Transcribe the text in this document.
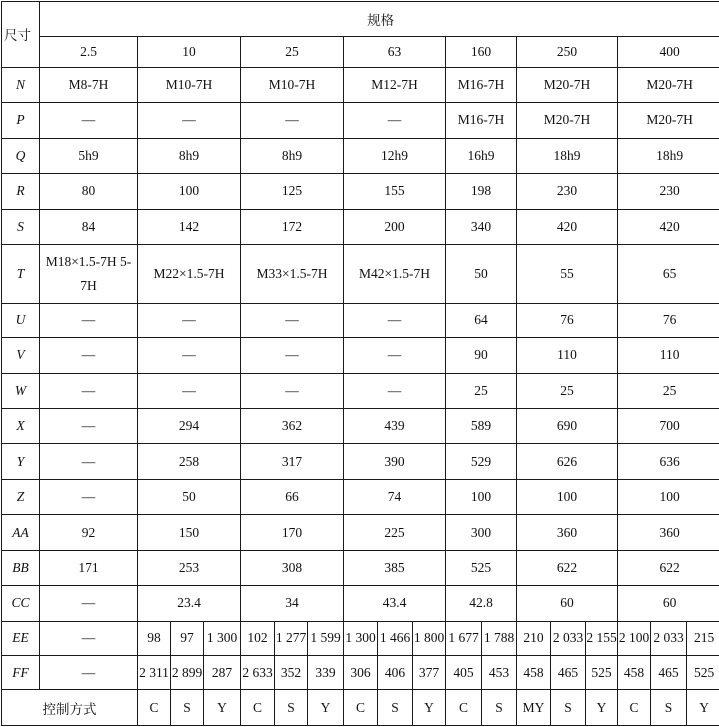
尺寸	规格																	
	2.5	10			25			63			160		250			400		
N	M8-7H	M10-7H			M10-7H			M12-7H			M16-7H		M20-7H			M20-7H		
P	—	—			—			—			M16-7H		M20-7H			M20-7H		
Q	5h9	8h9			8h9			12h9			16h9		18h9			18h9		
R	80	100			125			155			198		230			230		
S	84	142			172			200			340		420			420		
T	M18×1.5-7H 5-7H	M22×1.5-7H			M33×1.5-7H			M42×1.5-7H			50		55			65		
U	—	—			—			—			64		76			76		
V	—	—			—			—			90		110			110		
W	—	—			—			—			25		25			25		
X	—	294			362			439			589		690			700		
Y	—	258			317			390			529		626			636		
Z	—	50			66			74			100		100			100		
AA	92	150			170			225			300		360			360		
BB	171	253			308			385			525		622			622		
CC	—	23.4			34			43.4			42.8		60			60		
EE	—	98	97	1 300	102	1 277	1 599	1 300	1 466	1 800	1 677	1 788	210	2 033	2 155	2 100	2 033	215
FF	—	2 311	2 899	287	2 633	352	339	306	406	377	405	453	458	465	525	458	465	525
控制方式		C	S	Y	C	S	Y	C	S	Y	C	S	MY	S	Y	C	S	Y
